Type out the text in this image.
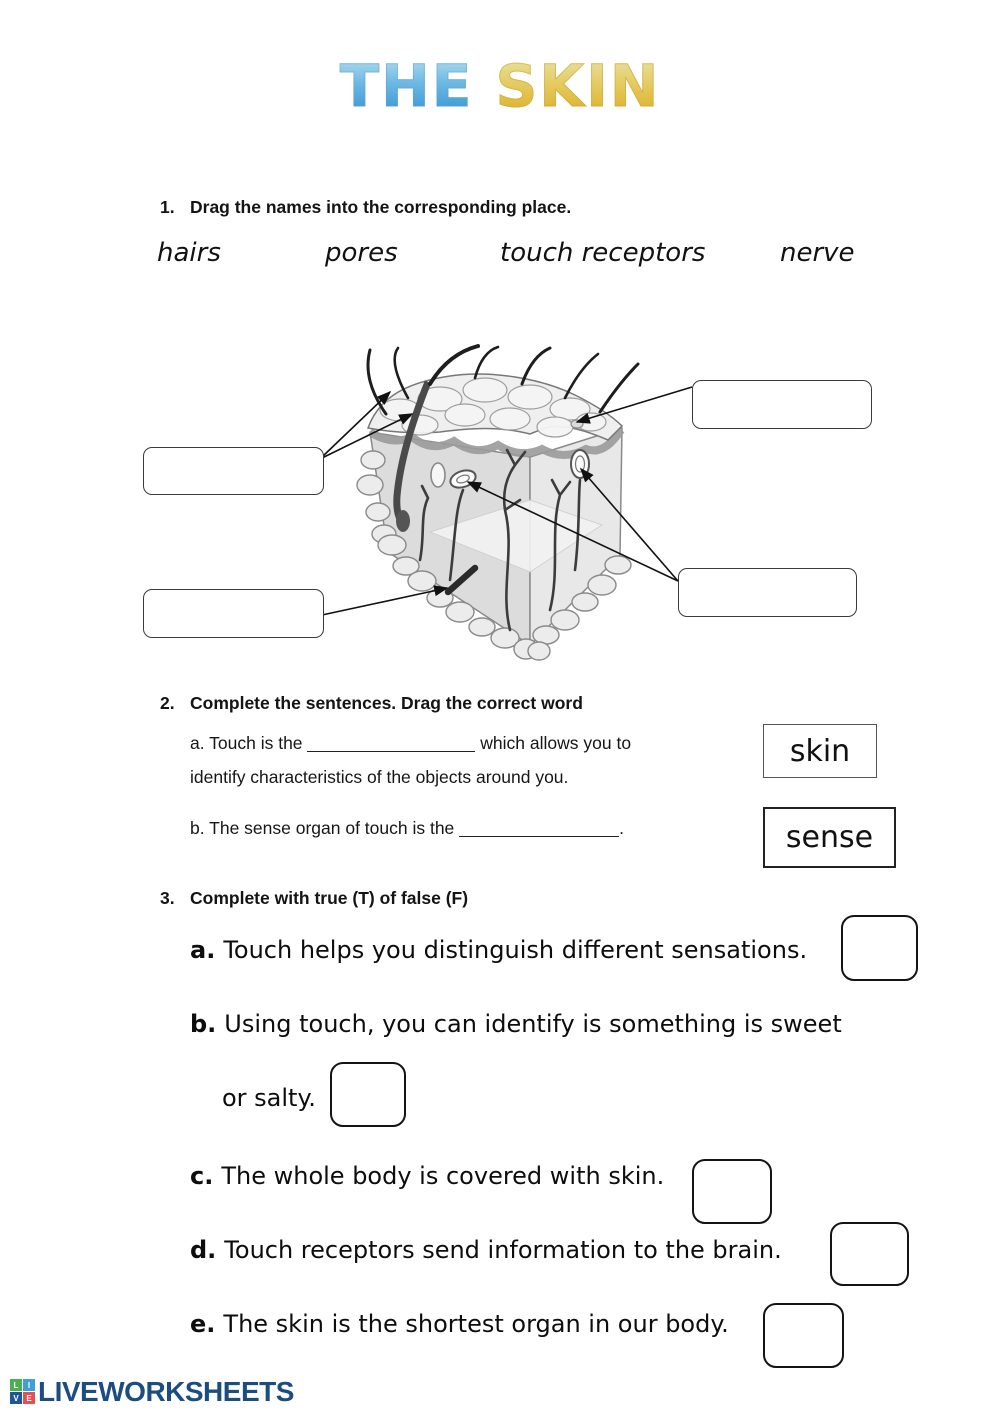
THE SKIN
1. Drag the names into the corresponding place.
hairs	pores	touch receptors	nerve
2. Complete the sentences. Drag the correct word
a. Touch is the	which allows you to
identify characteristics of the objects around you.
b. The sense organ of touch is the	.
skin
sense
3. Complete with true (T) of false (F)
a. Touch helps you distinguish different sensations.
b. Using touch, you can identify is something is sweet
or salty.
c. The whole body is covered with skin.
d. Touch receptors send information to the brain.
e. The skin is the shortest organ in our body.
L	I
V E LIVEWORKSHEETS
